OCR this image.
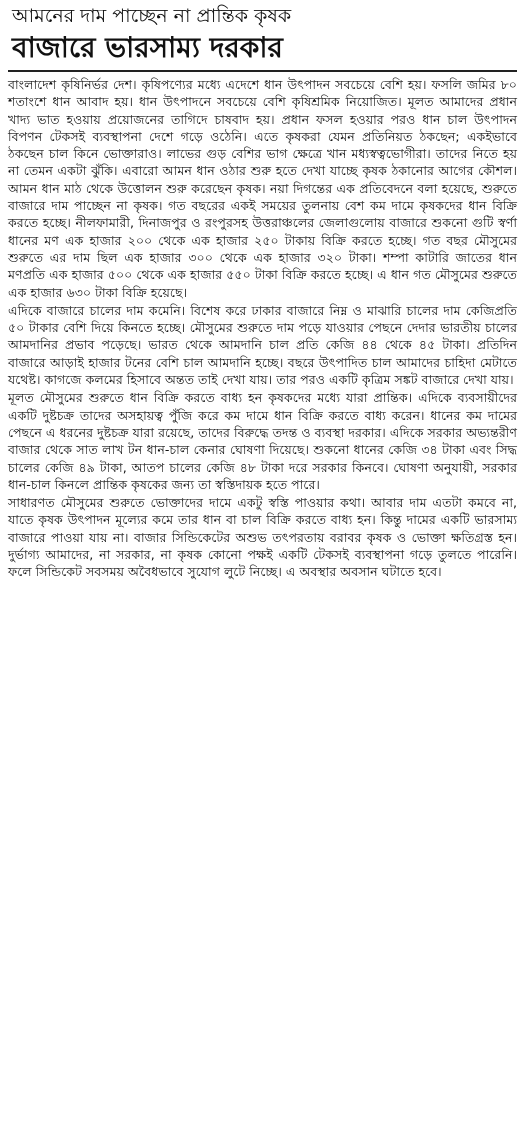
আমনের দাম পাচ্ছেন না প্রান্তিক কৃষক
বাজারে ভারসাম্য দরকার

বাংলাদেশ কৃষিনির্ভর দেশ। কৃষিপণ্যের মধ্যে এদেশে ধান উৎপাদন সবচেয়ে বেশি হয়। ফসলি জমির ৮০ শতাংশে ধান আবাদ হয়। ধান উৎপাদনে সবচেয়ে বেশি কৃষিশ্রমিক নিয়োজিত। মূলত আমাদের প্রধান খাদ্য ভাত হওয়ায় প্রয়োজনের তাগিদে চাষবাদ হয়। প্রধান ফসল হওয়ার পরও ধান চাল উৎপাদন বিপণন টেকসই ব্যবস্থাপনা দেশে গড়ে ওঠেনি। এতে কৃষকরা যেমন প্রতিনিয়ত ঠকছেন; একইভাবে ঠকছেন চাল কিনে ভোক্তারাও। লাভের গুড় বেশির ভাগ ক্ষেত্রে খান মধ্যস্বত্বভোগীরা। তাদের নিতে হয় না তেমন একটা ঝুঁকি। এবারো আমন ধান ওঠার শুরু হতে দেখা যাচ্ছে কৃষক ঠকানোর আগের কৌশল। আমন ধান মাঠ থেকে উত্তোলন শুরু করেছেন কৃষক। নয়া দিগন্তের এক প্রতিবেদনে বলা হয়েছে, শুরুতে বাজারে দাম পাচ্ছেন না কৃষক। গত বছরের একই সময়ের তুলনায় বেশ কম দামে কৃষকদের ধান বিক্রি করতে হচ্ছে। নীলফামারী, দিনাজপুর ও রংপুরসহ উত্তরাঞ্চলের জেলাগুলোয় বাজারে শুকনো গুটি স্বর্ণা ধানের মণ এক হাজার ২০০ থেকে এক হাজার ২৫০ টাকায় বিক্রি করতে হচ্ছে। গত বছর মৌসুমের শুরুতে এর দাম ছিল এক হাজার ৩০০ থেকে এক হাজার ৩২০ টাকা। শম্পা কাটারি জাতের ধান মণপ্রতি এক হাজার ৫০০ থেকে এক হাজার ৫৫০ টাকা বিক্রি করতে হচ্ছে। এ ধান গত মৌসুমের শুরুতে এক হাজার ৬৩০ টাকা বিক্রি হয়েছে।

এদিকে বাজারে চালের দাম কমেনি। বিশেষ করে ঢাকার বাজারে নিম্ন ও মাঝারি চালের দাম কেজিপ্রতি ৫০ টাকার বেশি দিয়ে কিনতে হচ্ছে। মৌসুমের শুরুতে দাম পড়ে যাওয়ার পেছনে দেদার ভারতীয় চালের আমদানির প্রভাব পড়েছে। ভারত থেকে আমদানি চাল প্রতি কেজি ৪৪ থেকে ৪৫ টাকা। প্রতিদিন বাজারে আড়াই হাজার টনের বেশি চাল আমদানি হচ্ছে। বছরে উৎপাদিত চাল আমাদের চাহিদা মেটাতে যথেষ্ট। কাগজে কলমের হিসাবে অন্তত তাই দেখা যায়। তার পরও একটি কৃত্রিম সঙ্কট বাজারে দেখা যায়।

মূলত মৌসুমের শুরুতে ধান বিক্রি করতে বাধ্য হন কৃষকদের মধ্যে যারা প্রান্তিক। এদিকে ব্যবসায়ীদের একটি দুষ্টচক্র তাদের অসহায়ত্ব পুঁজি করে কম দামে ধান বিক্রি করতে বাধ্য করেন। ধানের কম দামের পেছনে এ ধরনের দুষ্টচক্র যারা রয়েছে, তাদের বিরুদ্ধে তদন্ত ও ব্যবস্থা দরকার। এদিকে সরকার অভ্যন্তরীণ বাজার থেকে সাত লাখ টন ধান-চাল কেনার ঘোষণা দিয়েছে। শুকনো ধানের কেজি ৩৪ টাকা এবং সিদ্ধ চালের কেজি ৪৯ টাকা, আতপ চালের কেজি ৪৮ টাকা দরে সরকার কিনবে। ঘোষণা অনুযায়ী, সরকার ধান-চাল কিনলে প্রান্তিক কৃষকের জন্য তা স্বস্তিদায়ক হতে পারে।

সাধারণত মৌসুমের শুরুতে ভোক্তাদের দামে একটু স্বস্তি পাওয়ার কথা। আবার দাম এতটা কমবে না, যাতে কৃষক উৎপাদন মূল্যের কমে তার ধান বা চাল বিক্রি করতে বাধ্য হন। কিন্তু দামের একটি ভারসাম্য বাজারে পাওয়া যায় না। বাজার সিন্ডিকেটের অশুভ তৎপরতায় বরাবর কৃষক ও ভোক্তা ক্ষতিগ্রস্ত হন। দুর্ভাগ্য আমাদের, না সরকার, না কৃষক কোনো পক্ষই একটি টেকসই ব্যবস্থাপনা গড়ে তুলতে পারেনি। ফলে সিন্ডিকেট সবসময় অবৈধভাবে সুযোগ লুটে নিচ্ছে। এ অবস্থার অবসান ঘটাতে হবে।
